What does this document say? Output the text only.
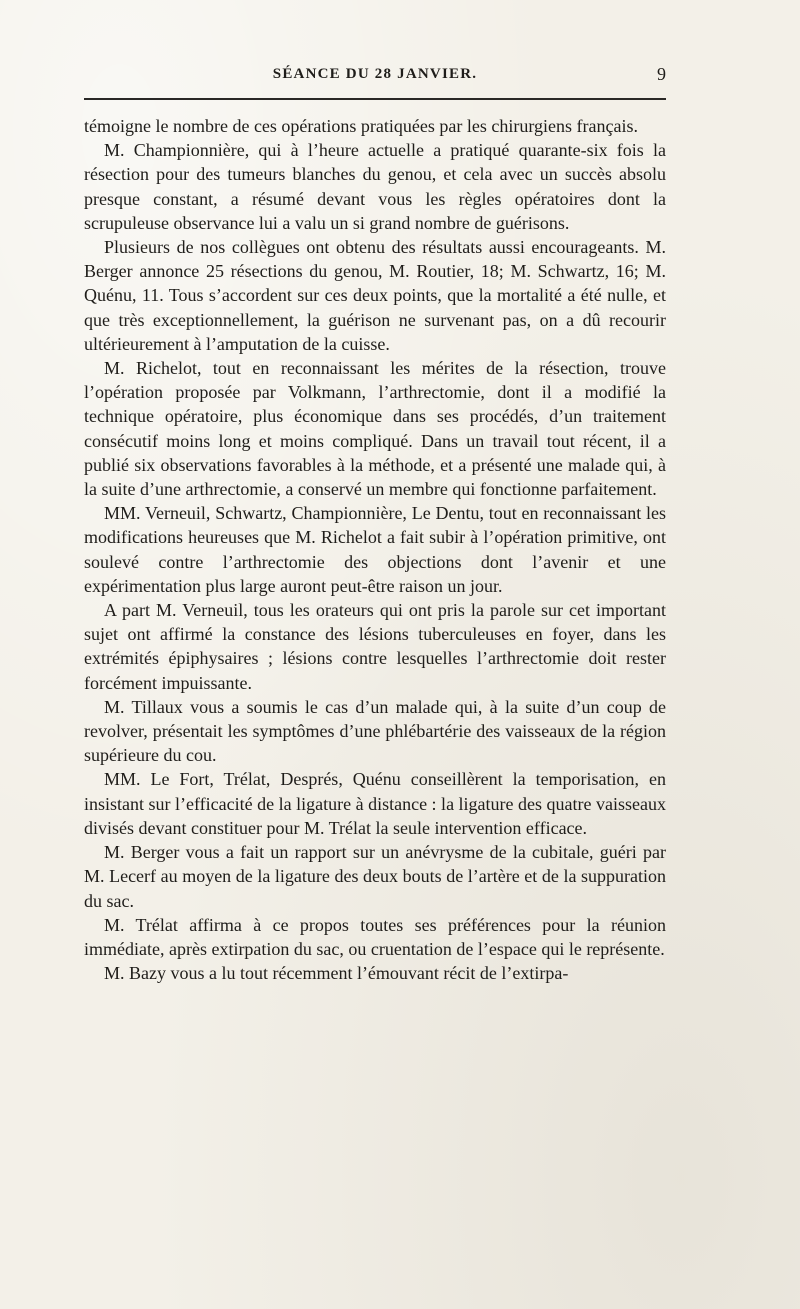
SÉANCE DU 28 JANVIER.	9

témoigne le nombre de ces opérations pratiquées par les chirurgiens français.

M. Championnière, qui à l’heure actuelle a pratiqué quarante-six fois la résection pour des tumeurs blanches du genou, et cela avec un succès absolu presque constant, a résumé devant vous les règles opératoires dont la scrupuleuse observance lui a valu un si grand nombre de guérisons.

Plusieurs de nos collègues ont obtenu des résultats aussi encourageants. M. Berger annonce 25 résections du genou, M. Routier, 18; M. Schwartz, 16; M. Quénu, 11. Tous s’accordent sur ces deux points, que la mortalité a été nulle, et que très exceptionnellement, la guérison ne survenant pas, on a dû recourir ultérieurement à l’amputation de la cuisse.

M. Richelot, tout en reconnaissant les mérites de la résection, trouve l’opération proposée par Volkmann, l’arthrectomie, dont il a modifié la technique opératoire, plus économique dans ses procédés, d’un traitement consécutif moins long et moins compliqué. Dans un travail tout récent, il a publié six observations favorables à la méthode, et a présenté une malade qui, à la suite d’une arthrectomie, a conservé un membre qui fonctionne parfaitement.

MM. Verneuil, Schwartz, Championnière, Le Dentu, tout en reconnaissant les modifications heureuses que M. Richelot a fait subir à l’opération primitive, ont soulevé contre l’arthrectomie des objections dont l’avenir et une expérimentation plus large auront peut-être raison un jour.

A part M. Verneuil, tous les orateurs qui ont pris la parole sur cet important sujet ont affirmé la constance des lésions tuberculeuses en foyer, dans les extrémités épiphysaires ; lésions contre lesquelles l’arthrectomie doit rester forcément impuissante.

M. Tillaux vous a soumis le cas d’un malade qui, à la suite d’un coup de revolver, présentait les symptômes d’une phlébartérie des vaisseaux de la région supérieure du cou.

MM. Le Fort, Trélat, Després, Quénu conseillèrent la temporisation, en insistant sur l’efficacité de la ligature à distance : la ligature des quatre vaisseaux divisés devant constituer pour M. Trélat la seule intervention efficace.

M. Berger vous a fait un rapport sur un anévrysme de la cubitale, guéri par M. Lecerf au moyen de la ligature des deux bouts de l’artère et de la suppuration du sac.

M. Trélat affirma à ce propos toutes ses préférences pour la réunion immédiate, après extirpation du sac, ou cruentation de l’espace qui le représente.

M. Bazy vous a lu tout récemment l’émouvant récit de l’extirpa-
